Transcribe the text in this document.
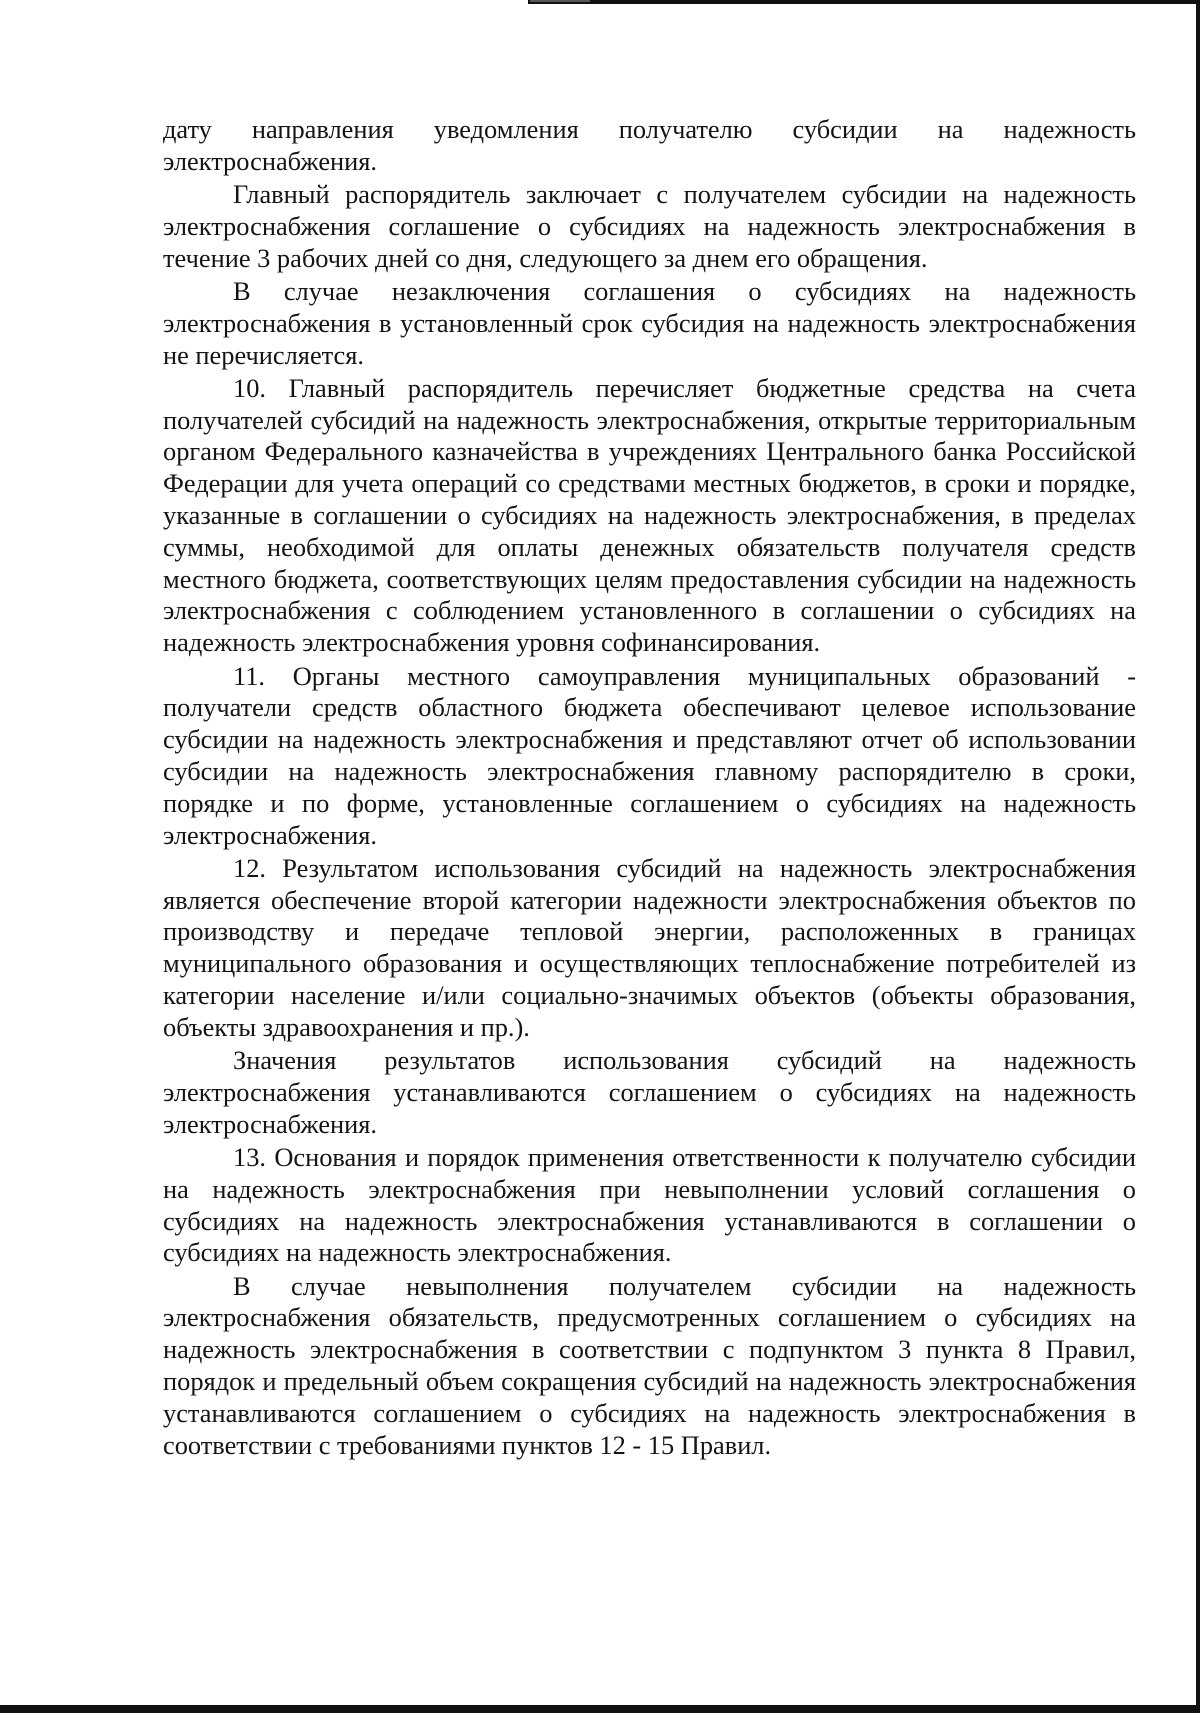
дату направления уведомления получателю субсидии на надежность электроснабжения.

Главный распорядитель заключает с получателем субсидии на надежность электроснабжения соглашение о субсидиях на надежность электроснабжения в течение 3 рабочих дней со дня, следующего за днем его обращения.

В случае незаключения соглашения о субсидиях на надежность электроснабжения в установленный срок субсидия на надежность электроснабжения не перечисляется.

10. Главный распорядитель перечисляет бюджетные средства на счета получателей субсидий на надежность электроснабжения, открытые территориальным органом Федерального казначейства в учреждениях Центрального банка Российской Федерации для учета операций со средствами местных бюджетов, в сроки и порядке, указанные в соглашении о субсидиях на надежность электроснабжения, в пределах суммы, необходимой для оплаты денежных обязательств получателя средств местного бюджета, соответствующих целям предоставления субсидии на надежность электроснабжения с соблюдением установленного в соглашении о субсидиях на надежность электроснабжения уровня софинансирования.

11. Органы местного самоуправления муниципальных образований - получатели средств областного бюджета обеспечивают целевое использование субсидии на надежность электроснабжения и представляют отчет об использовании субсидии на надежность электроснабжения главному распорядителю в сроки, порядке и по форме, установленные соглашением о субсидиях на надежность электроснабжения.

12. Результатом использования субсидий на надежность электроснабжения является обеспечение второй категории надежности электроснабжения объектов по производству и передаче тепловой энергии, расположенных в границах муниципального образования и осуществляющих теплоснабжение потребителей из категории население и/или социально-значимых объектов (объекты образования, объекты здравоохранения и пр.).

Значения результатов использования субсидий на надежность электроснабжения устанавливаются соглашением о субсидиях на надежность электроснабжения.

13. Основания и порядок применения ответственности к получателю субсидии на надежность электроснабжения при невыполнении условий соглашения о субсидиях на надежность электроснабжения устанавливаются в соглашении о субсидиях на надежность электроснабжения.

В случае невыполнения получателем субсидии на надежность электроснабжения обязательств, предусмотренных соглашением о субсидиях на надежность электроснабжения в соответствии с подпунктом 3 пункта 8 Правил, порядок и предельный объем сокращения субсидий на надежность электроснабжения устанавливаются соглашением о субсидиях на надежность электроснабжения в соответствии с требованиями пунктов 12 - 15 Правил.
